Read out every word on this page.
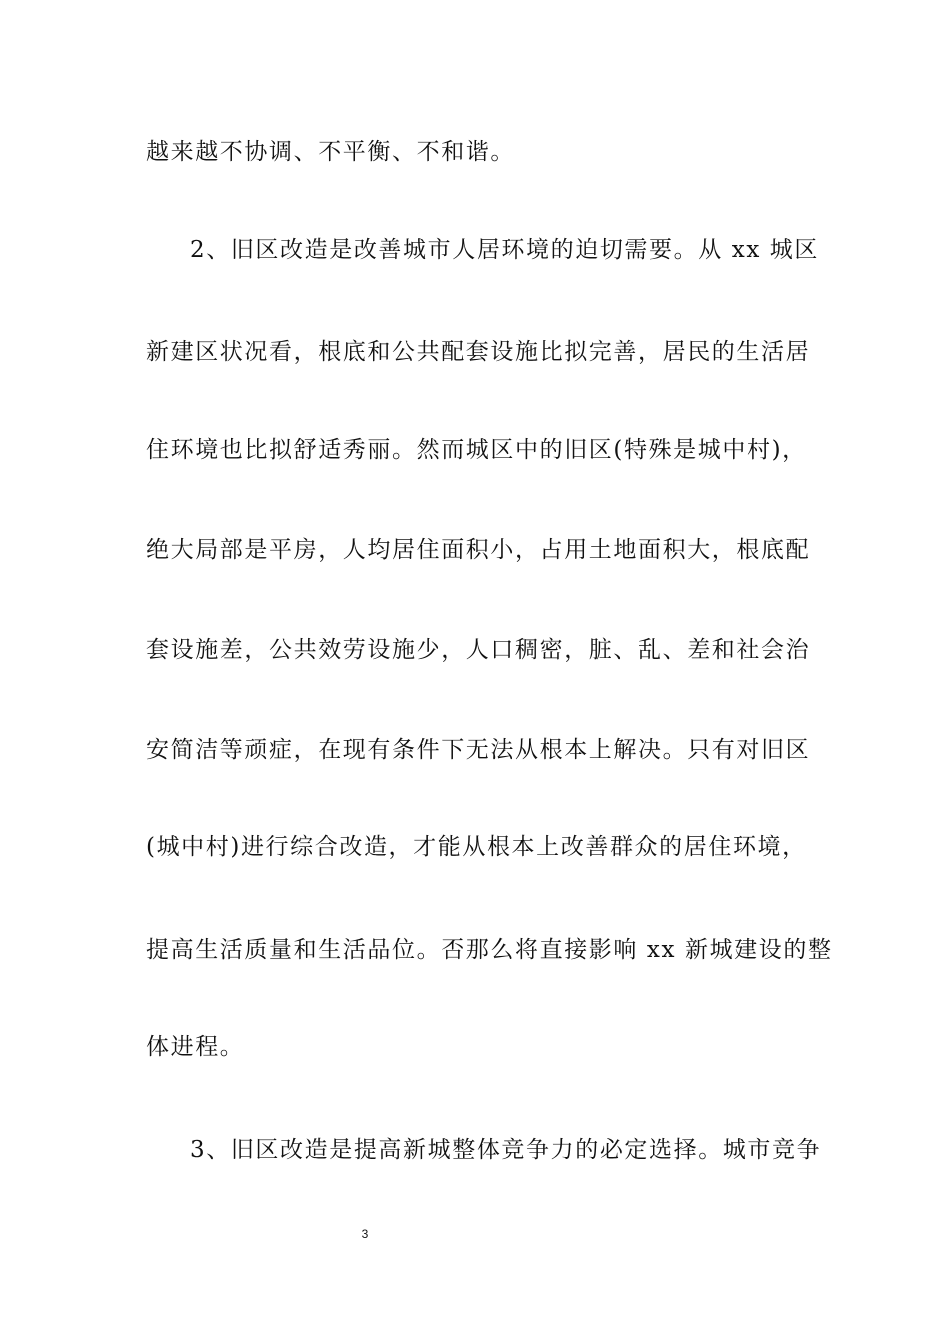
越来越不协调、不平衡、不和谐。
2、旧区改造是改善城市人居环境的迫切需要。从 xx 城区
新建区状况看，根底和公共配套设施比拟完善，居民的生活居
住环境也比拟舒适秀丽。然而城区中的旧区(特殊是城中村)，
绝大局部是平房，人均居住面积小，占用土地面积大，根底配
套设施差，公共效劳设施少，人口稠密，脏、乱、差和社会治
安简洁等顽症，在现有条件下无法从根本上解决。只有对旧区
(城中村)进行综合改造，才能从根本上改善群众的居住环境，
提高生活质量和生活品位。否那么将直接影响 xx 新城建设的整
体进程。
3、旧区改造是提高新城整体竞争力的必定选择。城市竞争
3
